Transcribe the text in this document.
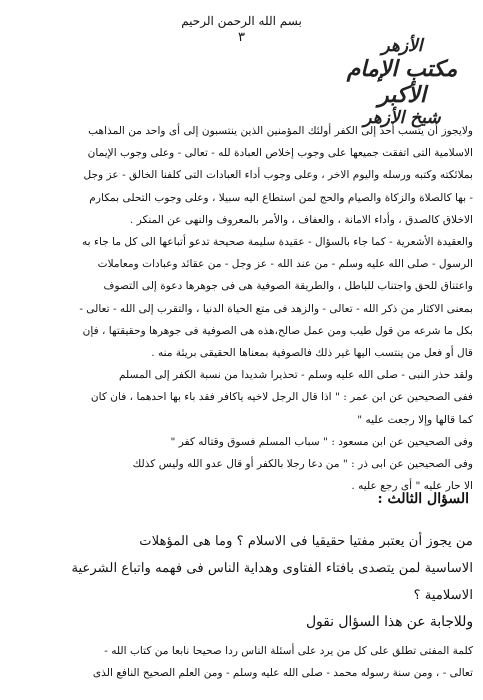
بسم الله الرحمن الرحيم
٣	الأزهر
مكتب الإمام الأكبر
شيخ الأزهر
ولايجوز أن يتسب أحد إلى الكفر أولئك المؤمنين الذين ينتسبون إلى أى واحد من المذاهب
الاسلامية التى اتفقت جميعها على وجوب إخلاص العبادة لله - تعالى - وعلى وجوب الإيمان
بملائكته وكتبه ورسله واليوم الاخر ، وعلى وجوب أداء العبادات التى كلفنا الخالق - عز وجل
- بها كالصلاة والزكاة والصيام والحج لمن استطاع اليه سبيلا ، وعلى وجوب التحلى بمكارم
الاخلاق كالصدق ، وأداء الامانة ، والعفاف ، والأمر بالمعروف والنهى عن المنكر .
والعقيدة الأشعرية - كما جاء بالسؤال - عقيدة سليمة صحيحة تدعو أتباعها الى كل ما جاء به
الرسول - صلى الله عليه وسلم - من عند الله - عز وجل - من عقائد وعبادات ومعاملات
واعتناق للحق واجتناب للباطل ، والطريقة الصوفية هى فى جوهرها دعوة إلى التصوف
بمعنى الاكثار من ذكر الله - تعالى - والزهد فى متع الحياة الدنيا ، والتقرب إلى الله - تعالى -
بكل ما شرعه من قول طيب ومن عمل صالح،هذه هى الصوفية فى جوهرها وحقيقتها ، فإن
قال أو فعل من ينتسب اليها غير ذلك فالصوفية بمعناها الحقيقى بريئة منه .
ولقد حذر النبى - صلى الله عليه وسلم - تحذيرا شديدا من نسبة الكفر إلى المسلم
ففى الصحيحين عن ابن عمر : " اذا قال الرجل لاخيه ياكافر فقد باء بها احدهما ، فان كان
كما قالها وإلا رجعت عليه "
وفى الصحيحين عن ابن مسعود : " سباب المسلم فسوق وقتاله كفر "
وفى الصحيحين عن ابى ذر : " من دعا رجلا بالكفر أو قال عدو الله وليس كذلك
الا حار عليه " أى رجع عليه .
السؤال الثالث :
من يجوز أن يعتبر مفتيا حقيقيا فى الاسلام ؟ وما هى المؤهلات
الاساسية لمن يتصدى بافتاء الفتاوى وهداية الناس فى فهمه واتباع الشرعية
الاسلامية ؟
وللاجابة عن هذا السؤال نقول
كلمة المفتى تطلق على كل من يرد على أسئلة الناس ردا صحيحا نابعا من كتاب الله -
تعالى - ، ومن سنة رسوله محمد - صلى الله عليه وسلم - ومن العلم الصحيح النافع الذى
